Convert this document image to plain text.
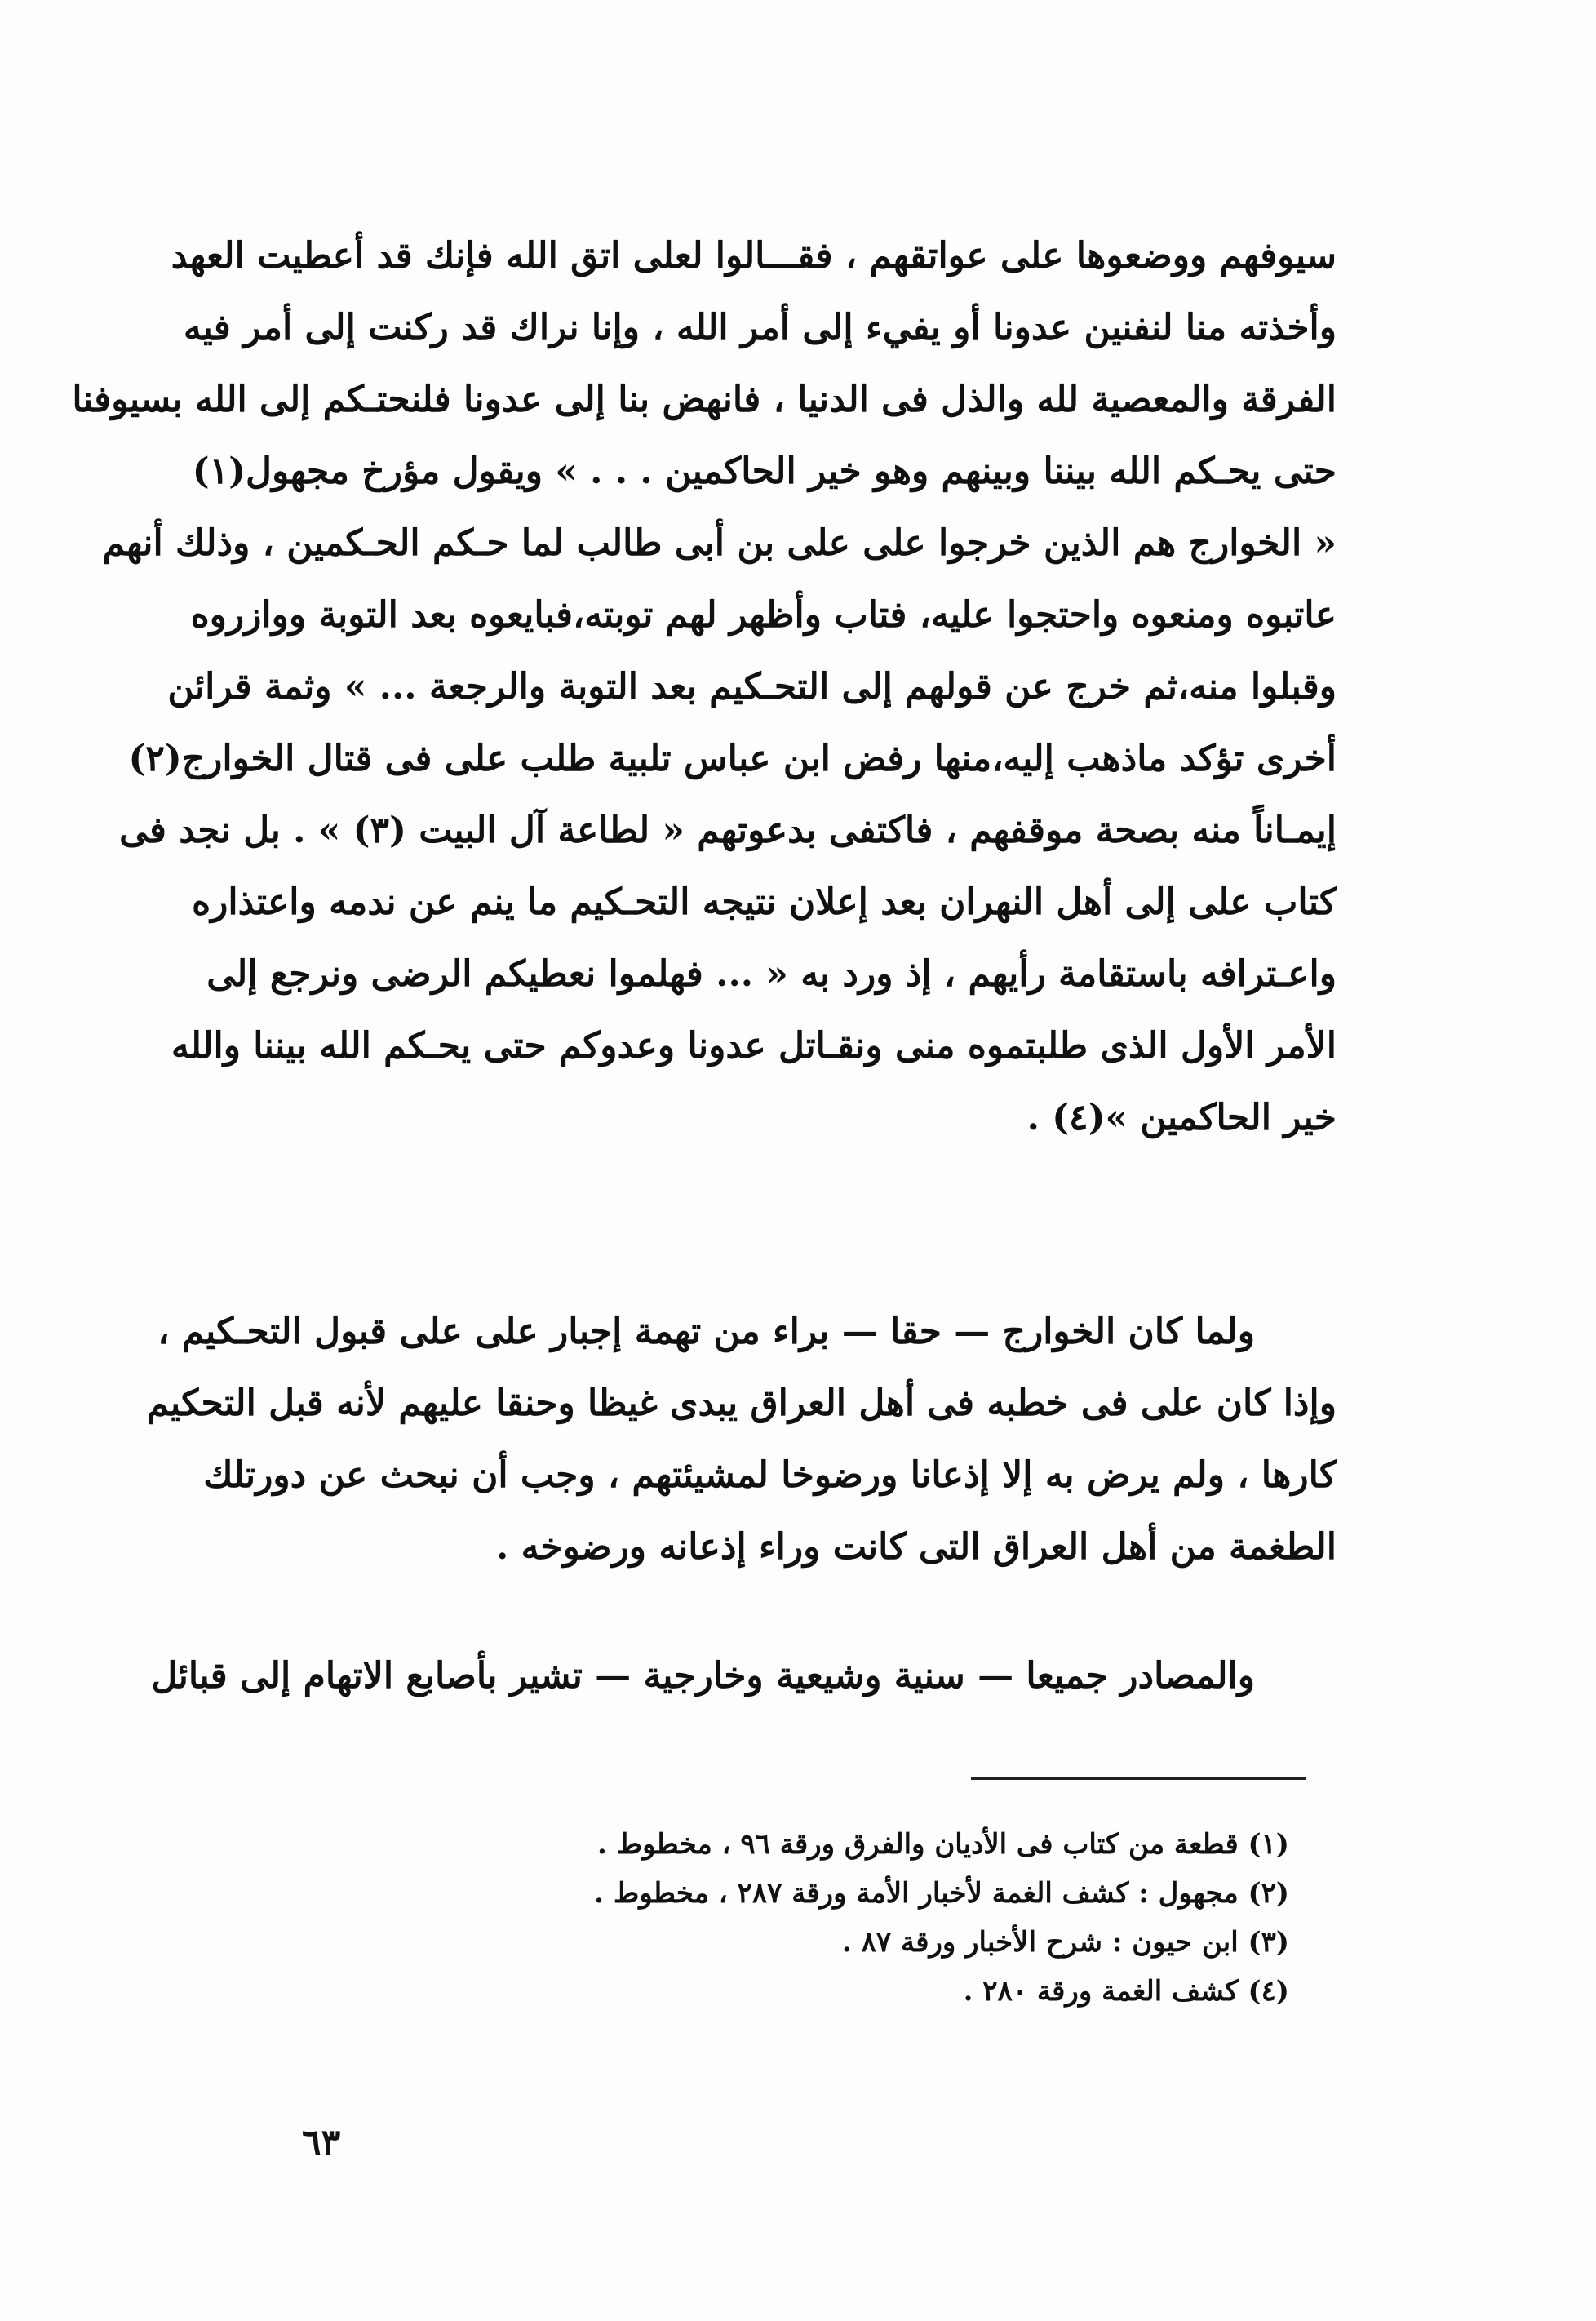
سيوفهم ووضعوها على عواتقهم ، فقـــالوا لعلى اتق الله فإنك قد أعطيت العهد
وأخذته منا لنفنين عدونا أو يفيء إلى أمر الله ، وإنا نراك قد ركنت إلى أمر فيه
الفرقة والمعصية لله والذل فى الدنيا ، فانهض بنا إلى عدونا فلنحتـكم إلى الله بسيوفنا
حتى يحـكم الله بيننا وبينهم وهو خير الحاكمين . . . » ويقول مؤرخ مجهول(١)
« الخوارج هم الذين خرجوا على على بن أبى طالب لما حـكم الحـكمين ، وذلك أنهم
عاتبوه ومنعوه واحتجوا عليه، فتاب وأظهر لهم توبته،فبايعوه بعد التوبة ووازروه
وقبلوا منه،ثم خرج عن قولهم إلى التحـكيم بعد التوبة والرجعة ... » وثمة قرائن
أخرى تؤكد ماذهب إليه،منها رفض ابن عباس تلبية طلب على فى قتال الخوارج(٢)
إيمـاناً منه بصحة موقفهم ، فاكتفى بدعوتهم « لطاعة آل البيت (٣) » . بل نجد فى
كتاب على إلى أهل النهران بعد إعلان نتيجه التحـكيم ما ينم عن ندمه واعتذاره
واعـترافه باستقامة رأيهم ، إذ ورد به « ... فهلموا نعطيكم الرضى ونرجع إلى
الأمر الأول الذى طلبتموه منى ونقـاتل عدونا وعدوكم حتى يحـكم الله بيننا والله
خير الحاكمين »(٤) .
ولما كان الخوارج — حقا — براء من تهمة إجبار على على قبول التحـكيم ،
وإذا كان على فى خطبه فى أهل العراق يبدى غيظا وحنقا عليهم لأنه قبل التحكيم
كارها ، ولم يرض به إلا إذعانا ورضوخا لمشيئتهم ، وجب أن نبحث عن دورتلك
الطغمة من أهل العراق التى كانت وراء إذعانه ورضوخه .
والمصادر جميعا — سنية وشيعية وخارجية — تشير بأصابع الاتهام إلى قبائل
(١) قطعة من كتاب فى الأديان والفرق ورقة ٩٦ ، مخطوط .
(٢) مجهول : كشف الغمة لأخبار الأمة ورقة ٢٨٧ ، مخطوط .
(٣) ابن حيون : شرح الأخبار ورقة ٨٧ .
(٤) كشف الغمة ورقة ٢٨٠ .
٦٣
